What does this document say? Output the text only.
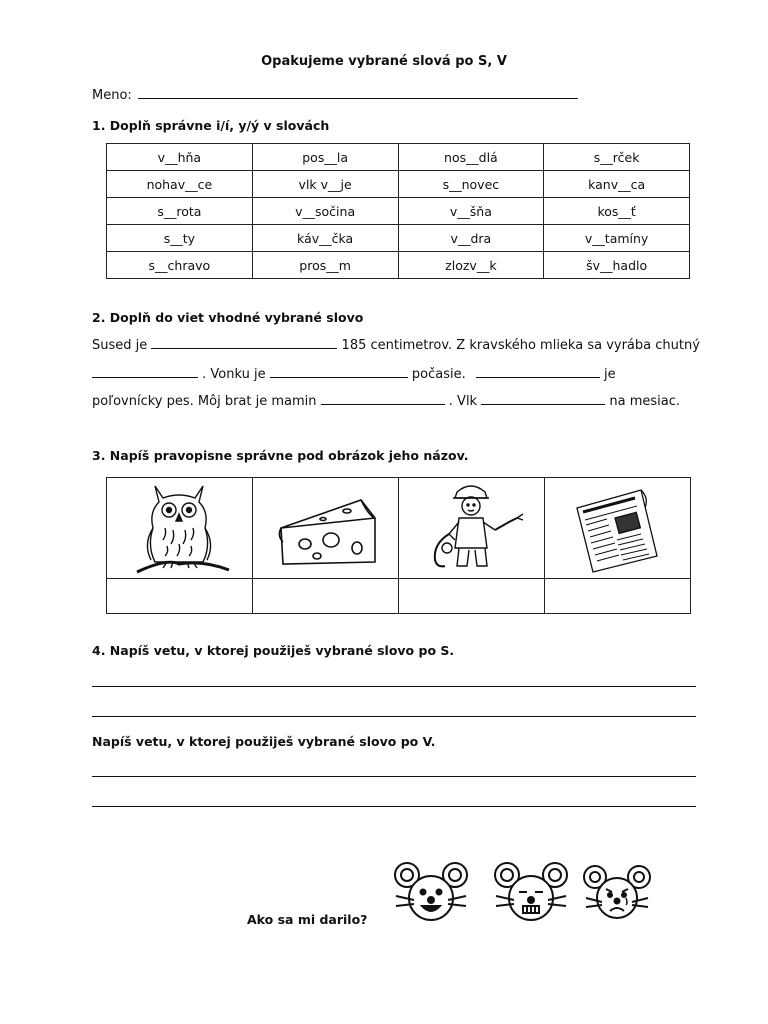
Opakujeme vybrané slová po S, V
Meno:
1. Doplň správne i/í, y/ý v slovách
v__hňa	pos__la	nos__dlá	s__rček
nohav__ce	vlk v__je	s__novec	kanv__ca
s__rota	v__sočina	v__šňa	kos__ť
s__ty	káv__čka	v__dra	v__tamíny
s__chravo	pros__m	zlozv__k	šv__hadlo
2. Doplň do viet vhodné vybrané slovo
Sused je	185 centimetrov. Z kravského mlieka sa vyrába chutný
. Vonku je	počasie.	je
poľovnícky pes. Môj brat je mamin	. Vlk	na mesiac.
3. Napíš pravopisne správne pod obrázok jeho názov.

4. Napíš vetu, v ktorej použiješ vybrané slovo po S.
Napíš vetu, v ktorej použiješ vybrané slovo po V.
Ako sa mi darilo?
